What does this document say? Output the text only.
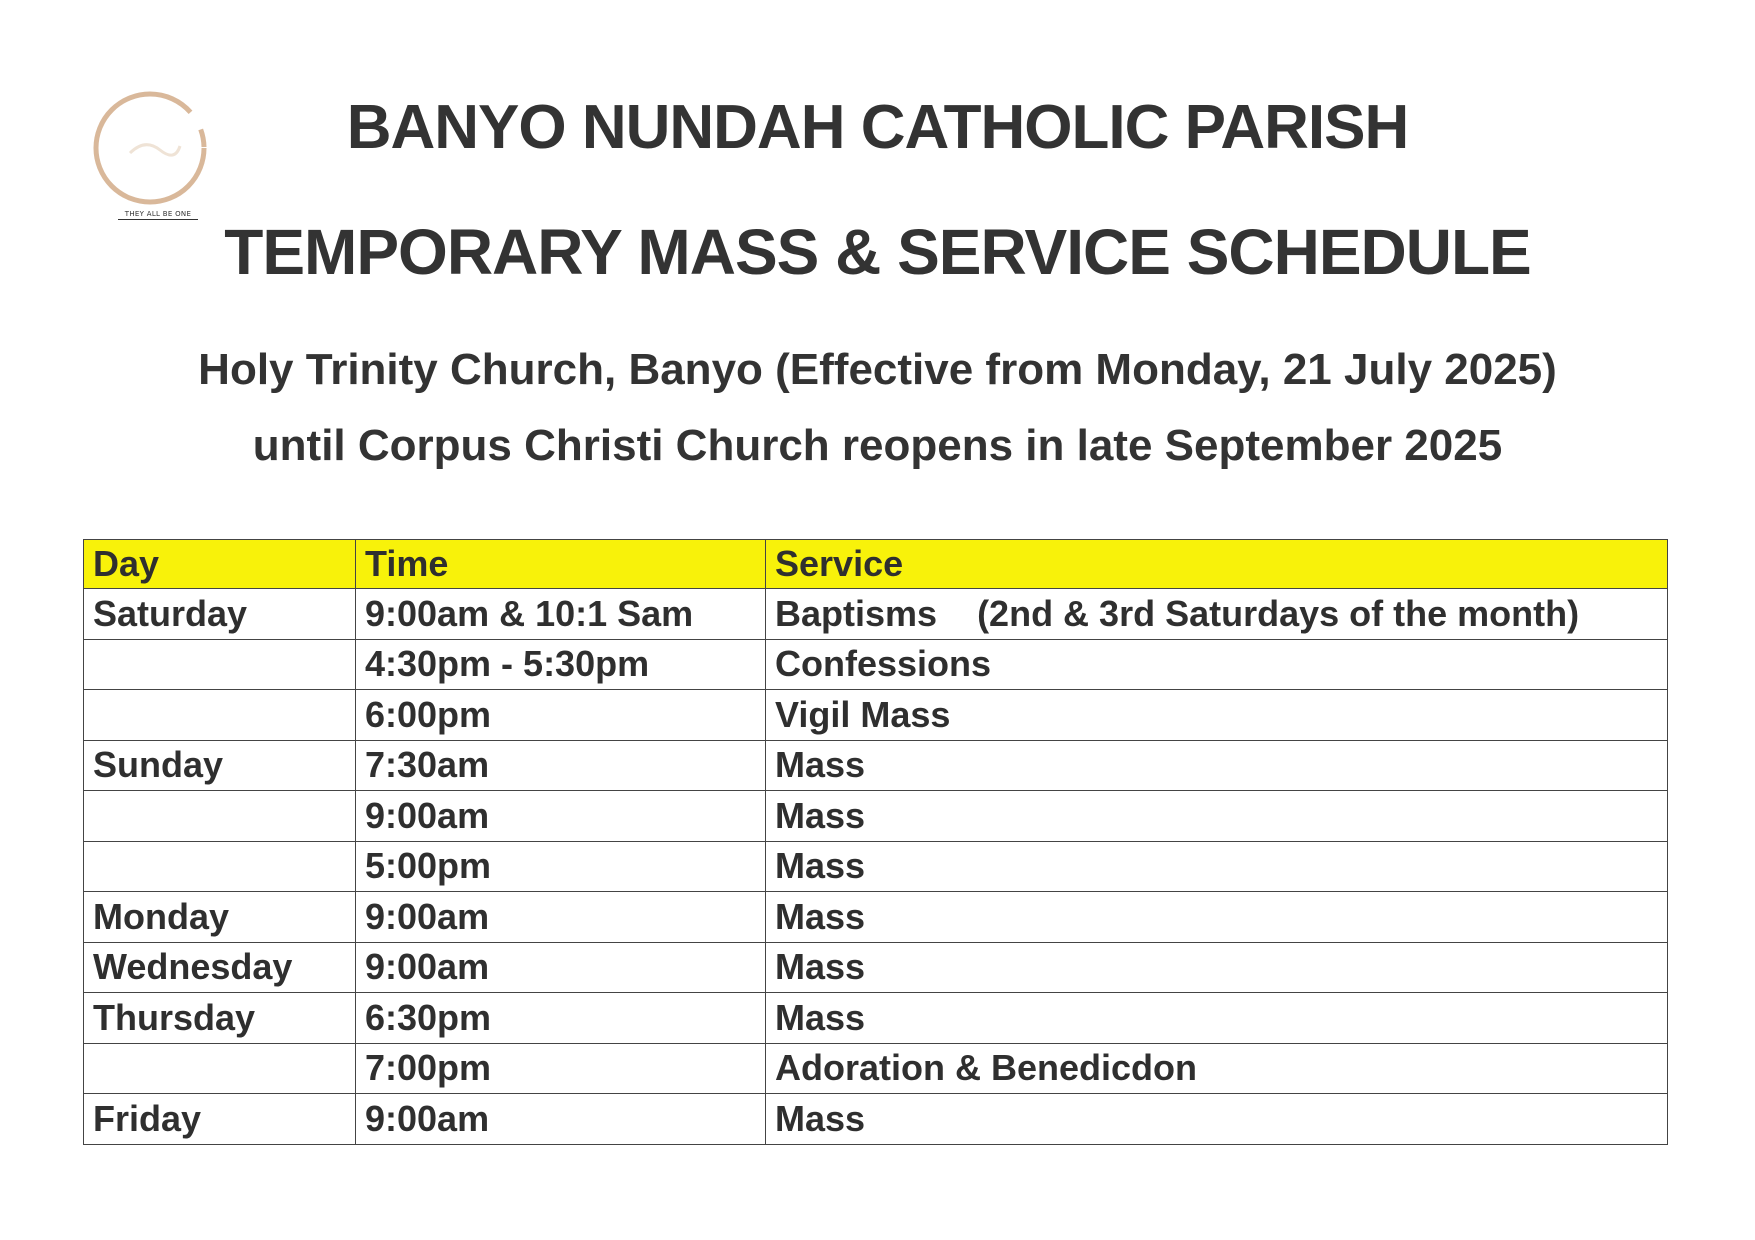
THEY ALL BE ONE
BANYO NUNDAH CATHOLIC PARISH
TEMPORARY MASS & SERVICE SCHEDULE

Holy Trinity Church, Banyo (Effective from Monday, 21 July 2025)

until Corpus Christi Church reopens in late September 2025

Day	Time	Service
Saturday	9:00am & 10:1 Sam	Baptisms (2nd & 3rd Saturdays of the month)
	4:30pm - 5:30pm	Confessions
	6:00pm	Vigil Mass
Sunday	7:30am	Mass
	9:00am	Mass
	5:00pm	Mass
Monday	9:00am	Mass
Wednesday	9:00am	Mass
Thursday	6:30pm	Mass
	7:00pm	Adoration & Benedicdon
Friday	9:00am	Mass
